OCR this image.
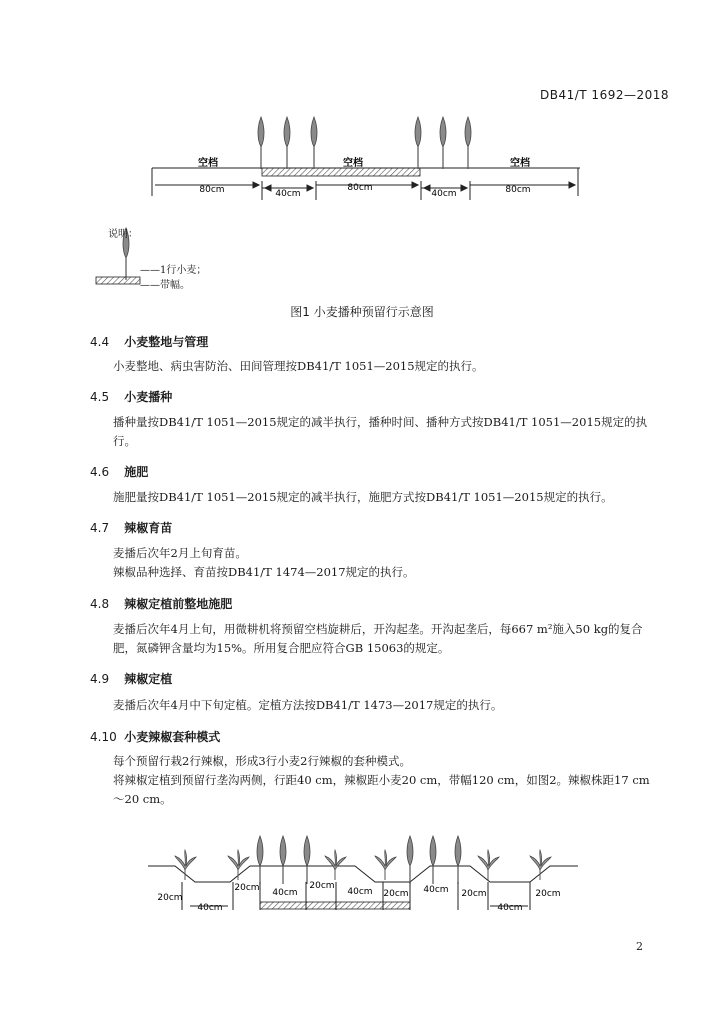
DB41/T 1692—2018
空档	空档	空档
80cm	40cm
80cm
40cm	80cm
说明：
——1行小麦；
——带幅。
图1 小麦播种预留行示意图
4.4 小麦整地与管理
小麦整地、病虫害防治、田间管理按DB41/T 1051—2015规定的执行。
4.5 小麦播种
播种量按DB41/T 1051—2015规定的减半执行，播种时间、播种方式按DB41/T 1051—2015规定的执行。
4.6 施肥
施肥量按DB41/T 1051—2015规定的减半执行，施肥方式按DB41/T 1051—2015规定的执行。
4.7 辣椒育苗
麦播后次年2月上旬育苗。
辣椒品种选择、育苗按DB41/T 1474—2017规定的执行。
4.8 辣椒定植前整地施肥
麦播后次年4月上旬，用微耕机将预留空档旋耕后，开沟起垄。开沟起垄后，每667 m²施入50 kg的复合肥，氮磷钾含量均为15%。所用复合肥应符合GB 15063的规定。
4.9 辣椒定植
麦播后次年4月中下旬定植。定植方法按DB41/T 1473—2017规定的执行。
4.10 小麦辣椒套种模式
每个预留行栽2行辣椒，形成3行小麦2行辣椒的套种模式。
将辣椒定植到预留行垄沟两侧，行距40 cm，辣椒距小麦20 cm，带幅120 cm，如图2。辣椒株距17 cm～20 cm。
20cm
40cm
20cm 40cm
20cm
40cm 20cm 40cm 20cm
40cm
20cm
2
